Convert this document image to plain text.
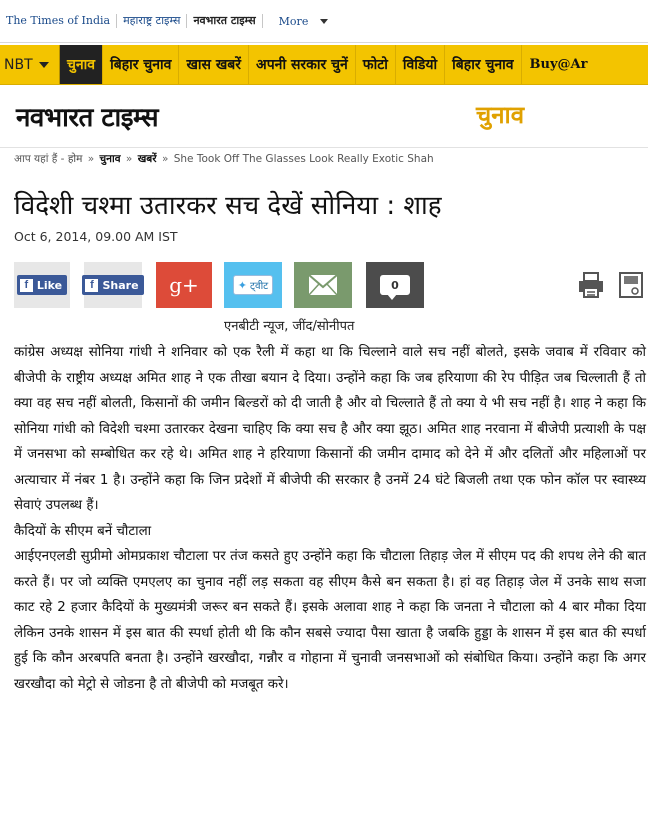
The Times of India	महाराष्ट्र टाइम्स	नवभारत टाइम्स	More
NBT	चुनाव	बिहार चुनाव	खास खबरें	अपनी सरकार चुनें	फोटो	विडियो	बिहार चुनाव	Buy@Ar
नवभारत टाइम्स	चुनाव
आप यहां हैं - होम » चुनाव » खबरें » She Took Off The Glasses Look Really Exotic Shah
विदेशी चश्मा उतारकर सच देखें सोनिया : शाह
Oct 6, 2014, 09.00 AM IST
f Like	f Share g+	✦ ट्वीट	0
एनबीटी न्यूज, जींद/सोनीपत

कांग्रेस अध्यक्ष सोनिया गांधी ने शनिवार को एक रैली में कहा था कि चिल्लाने वाले सच नहीं बोलते, इसके जवाब में रविवार को बीजेपी के राष्ट्रीय अध्यक्ष अमित शाह ने एक तीखा बयान दे दिया। उन्होंने कहा कि जब हरियाणा की रेप पीड़ित जब चिल्लाती हैं तो क्या वह सच नहीं बोलती, किसानों की जमीन बिल्डरों को दी जाती है और वो चिल्लाते हैं तो क्या ये भी सच नहीं है। शाह ने कहा कि सोनिया गांधी को विदेशी चश्मा उतारकर देखना चाहिए कि क्या सच है और क्या झूठ। अमित शाह नरवाना में बीजेपी प्रत्याशी के पक्ष में जनसभा को सम्बोधित कर रहे थे। अमित शाह ने हरियाणा किसानों की जमीन दामाद को देने में और दलितों और महिलाओं पर अत्याचार में नंबर 1 है। उन्होंने कहा कि जिन प्रदेशों में बीजेपी की सरकार है उनमें 24 घंटे बिजली तथा एक फोन कॉल पर स्वास्थ्य सेवाएं उपलब्ध हैं।

कैदियों के सीएम बनें चौटाला

आईएनएलडी सुप्रीमो ओमप्रकाश चौटाला पर तंज कसते हुए उन्होंने कहा कि चौटाला तिहाड़ जेल में सीएम पद की शपथ लेने की बात करते हैं। पर जो व्यक्ति एमएलए का चुनाव नहीं लड़ सकता वह सीएम कैसे बन सकता है। हां वह तिहाड़ जेल में उनके साथ सजा काट रहे 2 हजार कैदियों के मुख्यमंत्री जरूर बन सकते हैं। इसके अलावा शाह ने कहा कि जनता ने चौटाला को 4 बार मौका दिया लेकिन उनके शासन में इस बात की स्पर्धा होती थी कि कौन सबसे ज्यादा पैसा खाता है जबकि हुड्डा के शासन में इस बात की स्पर्धा हुई कि कौन अरबपति बनता है। उन्होंने खरखौदा, गन्नौर व गोहाना में चुनावी जनसभाओं को संबोधित किया। उन्होंने कहा कि अगर खरखौदा को मेट्रो से जोडना है तो बीजेपी को मजबूत करे।
